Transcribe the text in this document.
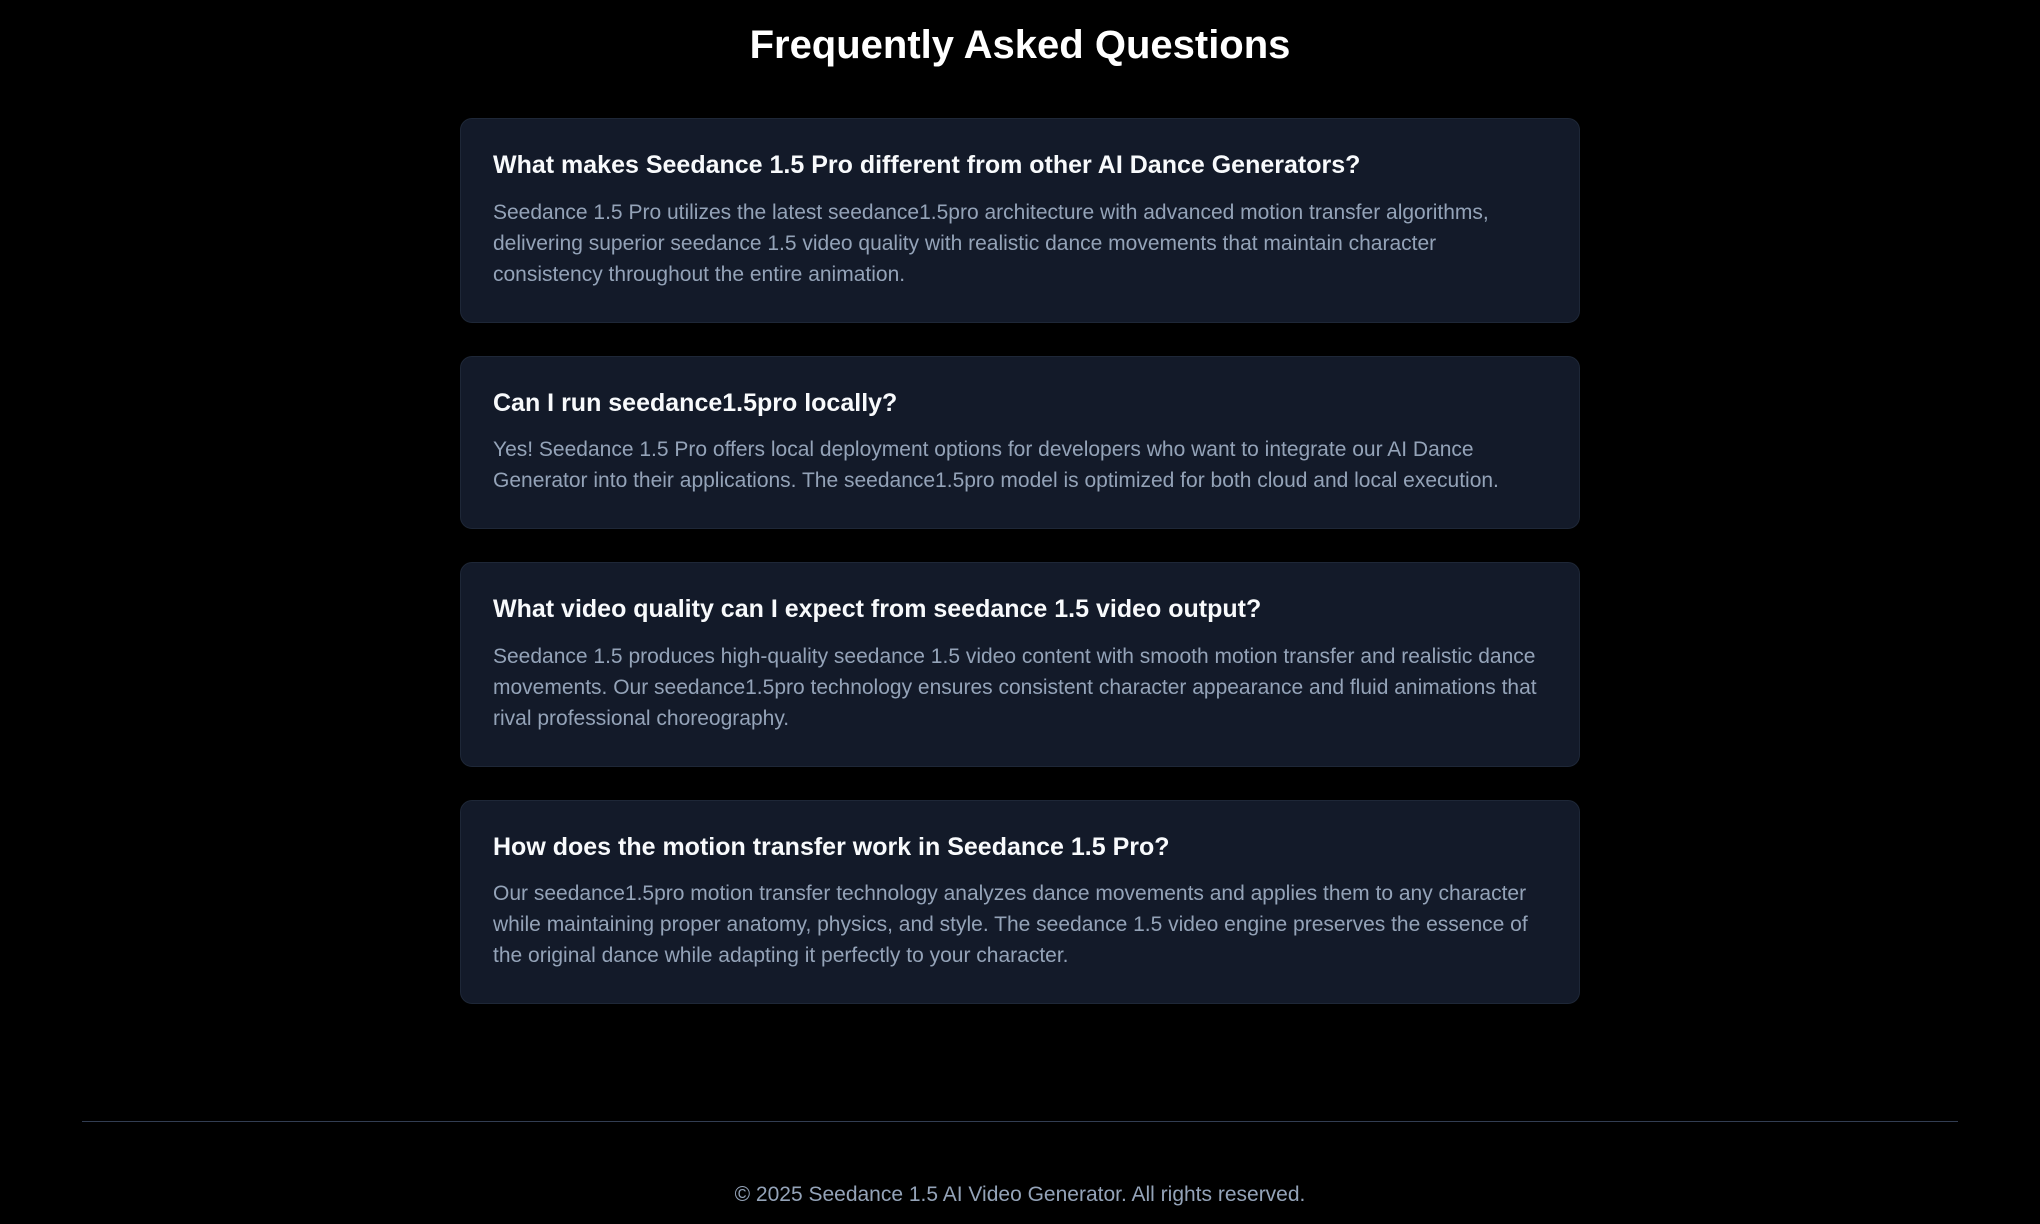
Frequently Asked Questions
What makes Seedance 1.5 Pro different from other AI Dance Generators?

Seedance 1.5 Pro utilizes the latest seedance1.5pro architecture with advanced motion transfer algorithms, delivering superior seedance 1.5 video quality with realistic dance movements that maintain character consistency throughout the entire animation.

Can I run seedance1.5pro locally?

Yes! Seedance 1.5 Pro offers local deployment options for developers who want to integrate our AI Dance Generator into their applications. The seedance1.5pro model is optimized for both cloud and local execution.

What video quality can I expect from seedance 1.5 video output?

Seedance 1.5 produces high-quality seedance 1.5 video content with smooth motion transfer and realistic dance movements. Our seedance1.5pro technology ensures consistent character appearance and fluid animations that rival professional choreography.

How does the motion transfer work in Seedance 1.5 Pro?

Our seedance1.5pro motion transfer technology analyzes dance movements and applies them to any character while maintaining proper anatomy, physics, and style. The seedance 1.5 video engine preserves the essence of the original dance while adapting it perfectly to your character.

© 2025 Seedance 1.5 AI Video Generator. All rights reserved.
